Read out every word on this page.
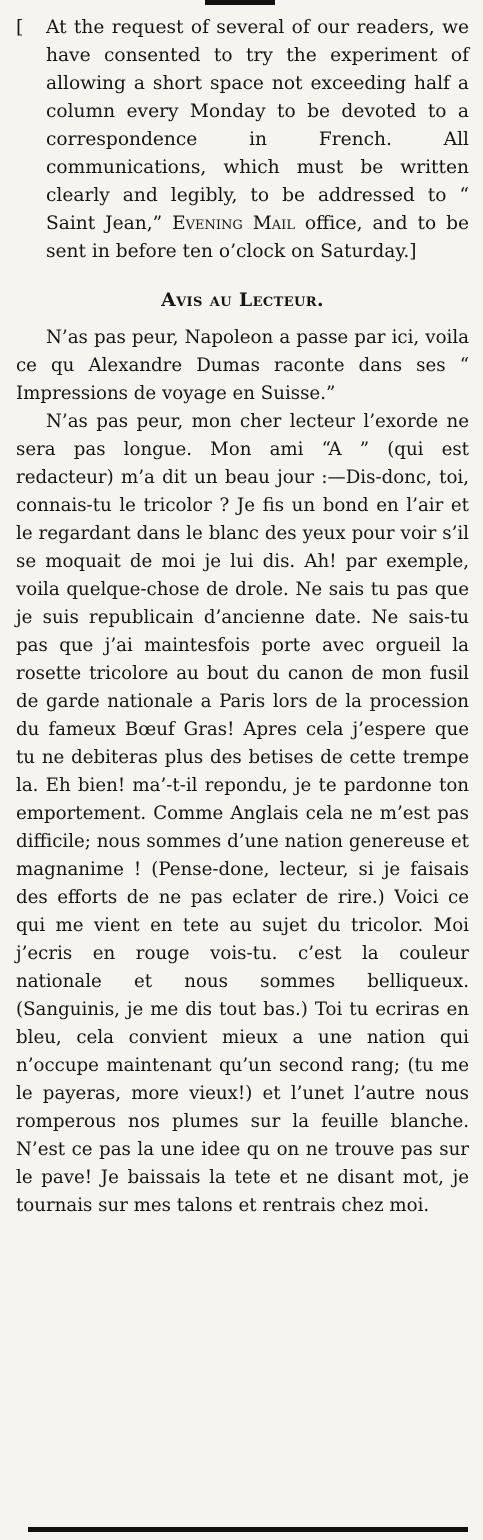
[ At the request of several of our readers, we have consented to try the experiment of allowing a short space not exceeding half a column every Monday to be devoted to a correspondence in French. All communications, which must be written clearly and legibly, to be addressed to “ Saint Jean,” Evening Mail office, and to be sent in before ten o’clock on Saturday.]

Avis au Lecteur.

N’as pas peur, Napoleon a passe par ici, voila ce qu Alexandre Dumas raconte dans ses “ Impressions de voyage en Suisse.”

N’as pas peur, mon cher lecteur l’exorde ne sera pas longue. Mon ami “A ” (qui est redacteur) m’a dit un beau jour :—Dis-donc, toi, connais-tu le tricolor ? Je fis un bond en l’air et le regardant dans le blanc des yeux pour voir s’il se moquait de moi je lui dis. Ah! par exemple, voila quelque-chose de drole. Ne sais tu pas que je suis republicain d’ancienne date. Ne sais-tu pas que j’ai maintesfois porte avec orgueil la rosette tricolore au bout du canon de mon fusil de garde nationale a Paris lors de la procession du fameux Bœuf Gras! Apres cela j’espere que tu ne debiteras plus des betises de cette trempe la. Eh bien! ma’-t-il repondu, je te pardonne ton emportement. Comme Anglais cela ne m’est pas difficile; nous sommes d’une nation genereuse et magnanime ! (Pense-done, lecteur, si je faisais des efforts de ne pas eclater de rire.) Voici ce qui me vient en tete au sujet du tricolor. Moi j’ecris en rouge vois-tu. c’est la couleur nationale et nous sommes belliqueux. (Sanguinis, je me dis tout bas.) Toi tu ecriras en bleu, cela convient mieux a une nation qui n’occupe maintenant qu’un second rang; (tu me le payeras, more vieux!) et l’unet l’autre nous romperous nos plumes sur la feuille blanche. N’est ce pas la une idee qu on ne trouve pas sur le pave! Je baissais la tete et ne disant mot, je tournais sur mes talons et rentrais chez moi.
